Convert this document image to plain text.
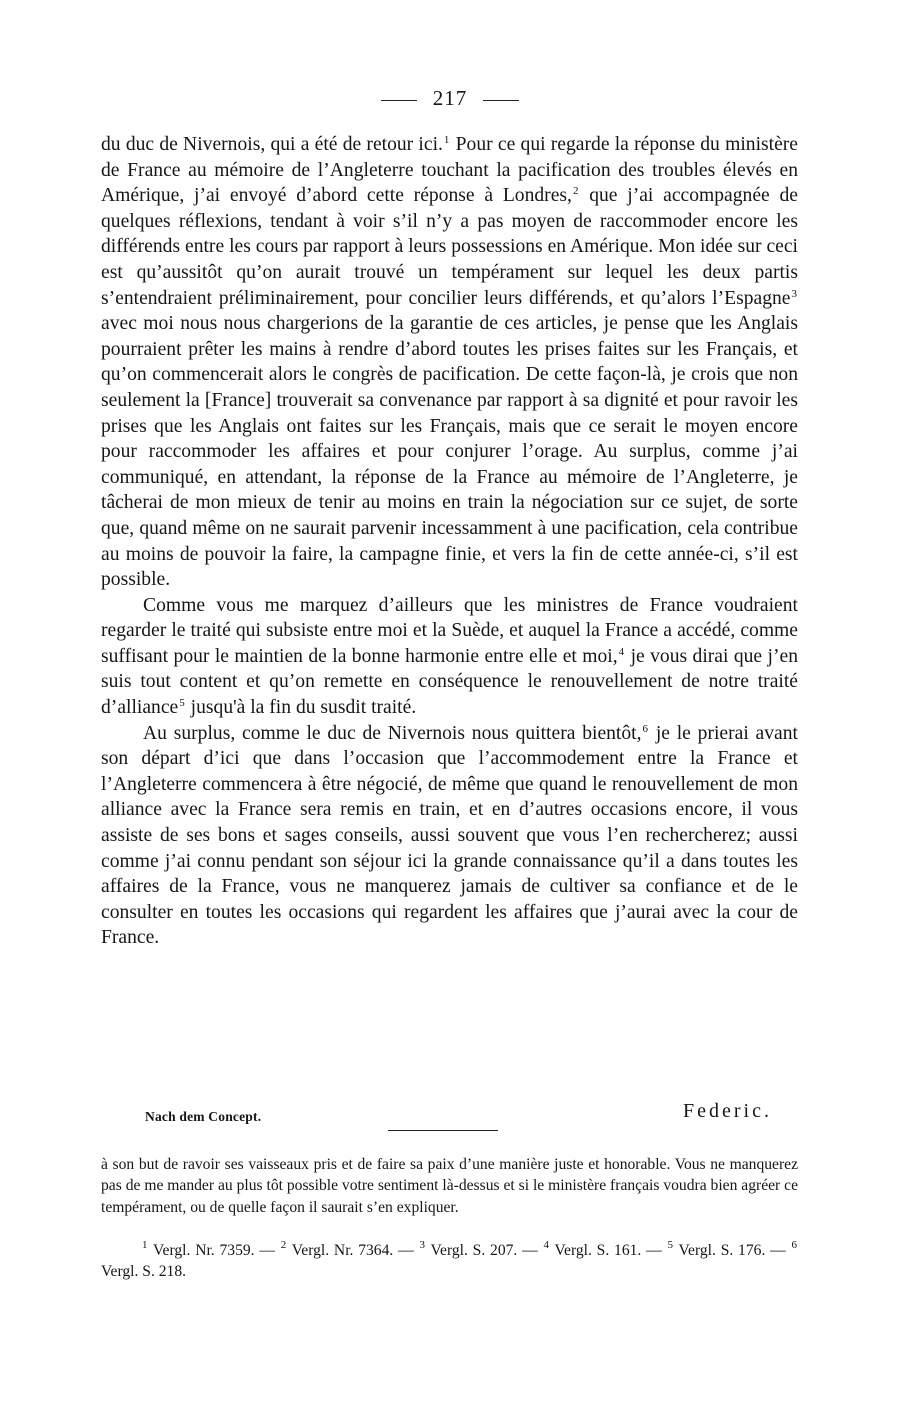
217

du duc de Nivernois, qui a été de retour ici.$^1$ Pour ce qui regarde la réponse du ministère de France au mémoire de l’Angleterre touchant la pacification des troubles élevés en Amérique, j’ai envoyé d’abord cette réponse à Londres,$^2$ que j’ai accompagnée de quelques réflexions, tendant à voir s’il n’y a pas moyen de raccommoder encore les différends entre les cours par rapport à leurs possessions en Amérique. Mon idée sur ceci est qu’aussitôt qu’on aurait trouvé un tempérament sur lequel les deux partis s’entendraient préliminairement, pour concilier leurs différends, et qu’alors l’Espagne$^3$ avec moi nous nous chargerions de la garantie de ces articles, je pense que les Anglais pourraient prêter les mains à rendre d’abord toutes les prises faites sur les Français, et qu’on commencerait alors le congrès de pacification. De cette façon-là, je crois que non seulement la [France] trouverait sa convenance par rapport à sa dignité et pour ravoir les prises que les Anglais ont faites sur les Français, mais que ce serait le moyen encore pour raccommoder les affaires et pour conjurer l’orage. Au surplus, comme j’ai communiqué, en attendant, la réponse de la France au mémoire de l’Angleterre, je tâcherai de mon mieux de tenir au moins en train la négociation sur ce sujet, de sorte que, quand même on ne saurait parvenir incessamment à une pacification, cela contribue au moins de pouvoir la faire, la campagne finie, et vers la fin de cette année-ci, s’il est possible.

Comme vous me marquez d’ailleurs que les ministres de France voudraient regarder le traité qui subsiste entre moi et la Suède, et auquel la France a accédé, comme suffisant pour le maintien de la bonne harmonie entre elle et moi,$^4$ je vous dirai que j’en suis tout content et qu’on remette en conséquence le renouvellement de notre traité d’alliance$^5$ jusqu'à la fin du susdit traité.

Au surplus, comme le duc de Nivernois nous quittera bientôt,$^6$ je le prierai avant son départ d’ici que dans l’occasion que l’accommodement entre la France et l’Angleterre commencera à être négocié, de même que quand le renouvellement de mon alliance avec la France sera remis en train, et en d’autres occasions encore, il vous assiste de ses bons et sages conseils, aussi souvent que vous l’en rechercherez; aussi comme j’ai connu pendant son séjour ici la grande connaissance qu’il a dans toutes les affaires de la France, vous ne manquerez jamais de cultiver sa confiance et de le consulter en toutes les occasions qui regardent les affaires que j’aurai avec la cour de France.

Nach dem Concept.	Federic.

à son but de ravoir ses vaisseaux pris et de faire sa paix d’une manière juste et honorable. Vous ne manquerez pas de me mander au plus tôt possible votre sentiment là-dessus et si le ministère français voudra bien agréer ce tempérament, ou de quelle façon il saurait s’en expliquer.

$^1$ Vergl. Nr. 7359. — $^2$ Vergl. Nr. 7364. — $^3$ Vergl. S. 207. — $^4$ Vergl. S. 161. — $^5$ Vergl. S. 176. — $^6$ Vergl. S. 218.
